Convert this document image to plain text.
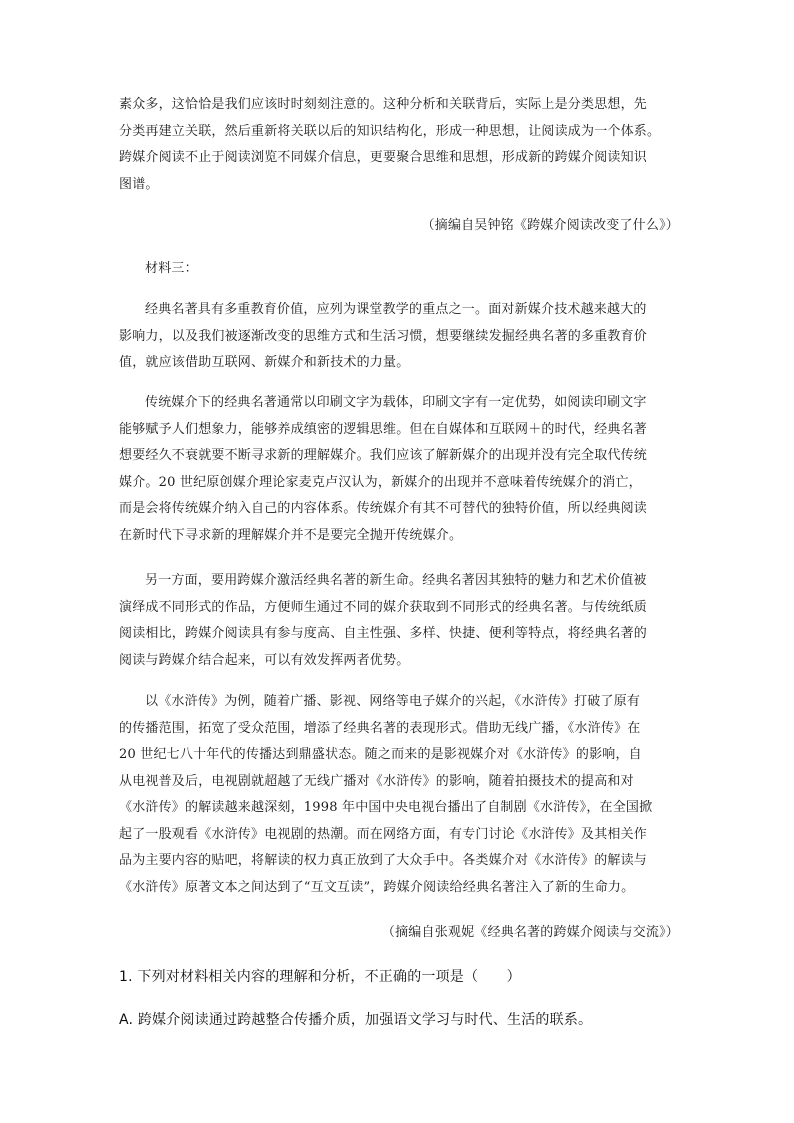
素众多，这恰恰是我们应该时时刻刻注意的。这种分析和关联背后，实际上是分类思想，先
分类再建立关联，然后重新将关联以后的知识结构化，形成一种思想，让阅读成为一个体系。
跨媒介阅读不止于阅读浏览不同媒介信息，更要聚合思维和思想，形成新的跨媒介阅读知识
图谱。
（摘编自吴钟铭《跨媒介阅读改变了什么》）
材料三：
经典名著具有多重教育价值，应列为课堂教学的重点之一。面对新媒介技术越来越大的
影响力，以及我们被逐渐改变的思维方式和生活习惯，想要继续发掘经典名著的多重教育价
值，就应该借助互联网、新媒介和新技术的力量。
传统媒介下的经典名著通常以印刷文字为载体，印刷文字有一定优势，如阅读印刷文字
能够赋予人们想象力，能够养成缜密的逻辑思维。但在自媒体和互联网＋的时代，经典名著
想要经久不衰就要不断寻求新的理解媒介。我们应该了解新媒介的出现并没有完全取代传统
媒介。20 世纪原创媒介理论家麦克卢汉认为，新媒介的出现并不意味着传统媒介的消亡，
而是会将传统媒介纳入自己的内容体系。传统媒介有其不可替代的独特价值，所以经典阅读
在新时代下寻求新的理解媒介并不是要完全抛开传统媒介。
另一方面，要用跨媒介激活经典名著的新生命。经典名著因其独特的魅力和艺术价值被
演绎成不同形式的作品，方便师生通过不同的媒介获取到不同形式的经典名著。与传统纸质
阅读相比，跨媒介阅读具有参与度高、自主性强、多样、快捷、便利等特点，将经典名著的
阅读与跨媒介结合起来，可以有效发挥两者优势。
以《水浒传》为例，随着广播、影视、网络等电子媒介的兴起，《水浒传》打破了原有
的传播范围，拓宽了受众范围，增添了经典名著的表现形式。借助无线广播，《水浒传》在
20 世纪七八十年代的传播达到鼎盛状态。随之而来的是影视媒介对《水浒传》的影响，自
从电视普及后，电视剧就超越了无线广播对《水浒传》的影响，随着拍摄技术的提高和对
《水浒传》的解读越来越深刻，1998 年中国中央电视台播出了自制剧《水浒传》，在全国掀
起了一股观看《水浒传》电视剧的热潮。而在网络方面，有专门讨论《水浒传》及其相关作
品为主要内容的贴吧，将解读的权力真正放到了大众手中。各类媒介对《水浒传》的解读与
《水浒传》原著文本之间达到了“互文互读”，跨媒介阅读给经典名著注入了新的生命力。
（摘编自张观妮《经典名著的跨媒介阅读与交流》）
1. 下列对材料相关内容的理解和分析，不正确的一项是（　　）
A. 跨媒介阅读通过跨越整合传播介质，加强语文学习与时代、生活的联系。
